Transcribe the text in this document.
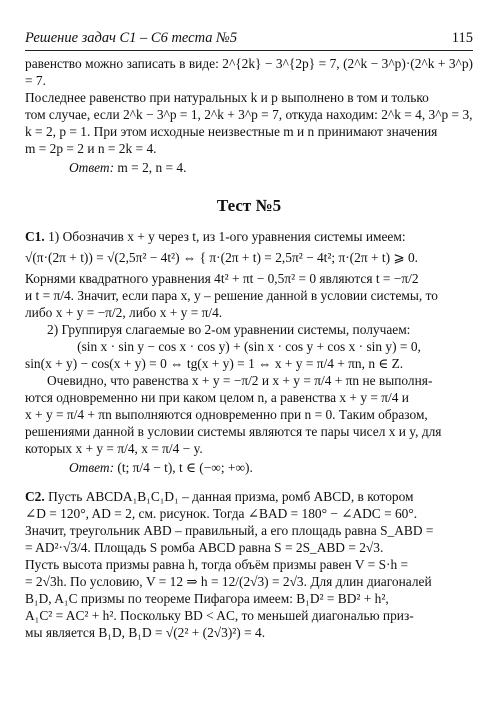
Решение задач С1 – С6 теста №5	115

равенство можно записать в виде: 2^{2k} − 3^{2p} = 7, (2^k − 3^p)·(2^k + 3^p) = 7.

Последнее равенство при натуральных k и p выполнено в том и только

том случае, если 2^k − 3^p = 1, 2^k + 3^p = 7, откуда находим: 2^k = 4, 3^p = 3,

k = 2, p = 1. При этом исходные неизвестные m и n принимают значения

m = 2p = 2 и n = 2k = 4.

Ответ: m = 2, n = 4.

Тест №5

С1. 1) Обозначив x + y через t, из 1-ого уравнения системы имеем:

√(π·(2π + t)) = √(2,5π² − 4t²) ⇔ { π·(2π + t) = 2,5π² − 4t²; π·(2π + t) ⩾ 0.

Корнями квадратного уравнения 4t² + πt − 0,5π² = 0 являются t = −π/2

и t = π/4. Значит, если пара x, y – решение данной в условии системы, то

либо x + y = −π/2, либо x + y = π/4.

2) Группируя слагаемые во 2-ом уравнении системы, получаем:

(sin x · sin y − cos x · cos y) + (sin x · cos y + cos x · sin y) = 0,

sin(x + y) − cos(x + y) = 0 ⇔ tg(x + y) = 1 ⇔ x + y = π/4 + πn, n ∈ Z.

Очевидно, что равенства x + y = −π/2 и x + y = π/4 + πn не выполня-

ются одновременно ни при каком целом n, а равенства x + y = π/4 и

x + y = π/4 + πn выполняются одновременно при n = 0. Таким образом,

решениями данной в условии системы являются те пары чисел x и y, для

которых x + y = π/4, x = π/4 − y.

Ответ: (t; π/4 − t), t ∈ (−∞; +∞).

С2. Пусть ABCDA₁B₁C₁D₁ – данная призма, ромб ABCD, в котором

∠D = 120°, AD = 2, см. рисунок. Тогда ∠BAD = 180° − ∠ADC = 60°.

Значит, треугольник ABD – правильный, а его площадь равна S_ABD =

= AD²·√3/4. Площадь S ромба ABCD равна S = 2S_ABD = 2√3.

Пусть высота призмы равна h, тогда объём призмы равен V = S·h =

= 2√3h. По условию, V = 12 ⇒ h = 12/(2√3) = 2√3. Для длин диагоналей

B₁D, A₁C призмы по теореме Пифагора имеем: B₁D² = BD² + h²,

A₁C² = AC² + h². Поскольку BD < AC, то меньшей диагональю приз-

мы является B₁D, B₁D = √(2² + (2√3)²) = 4.
